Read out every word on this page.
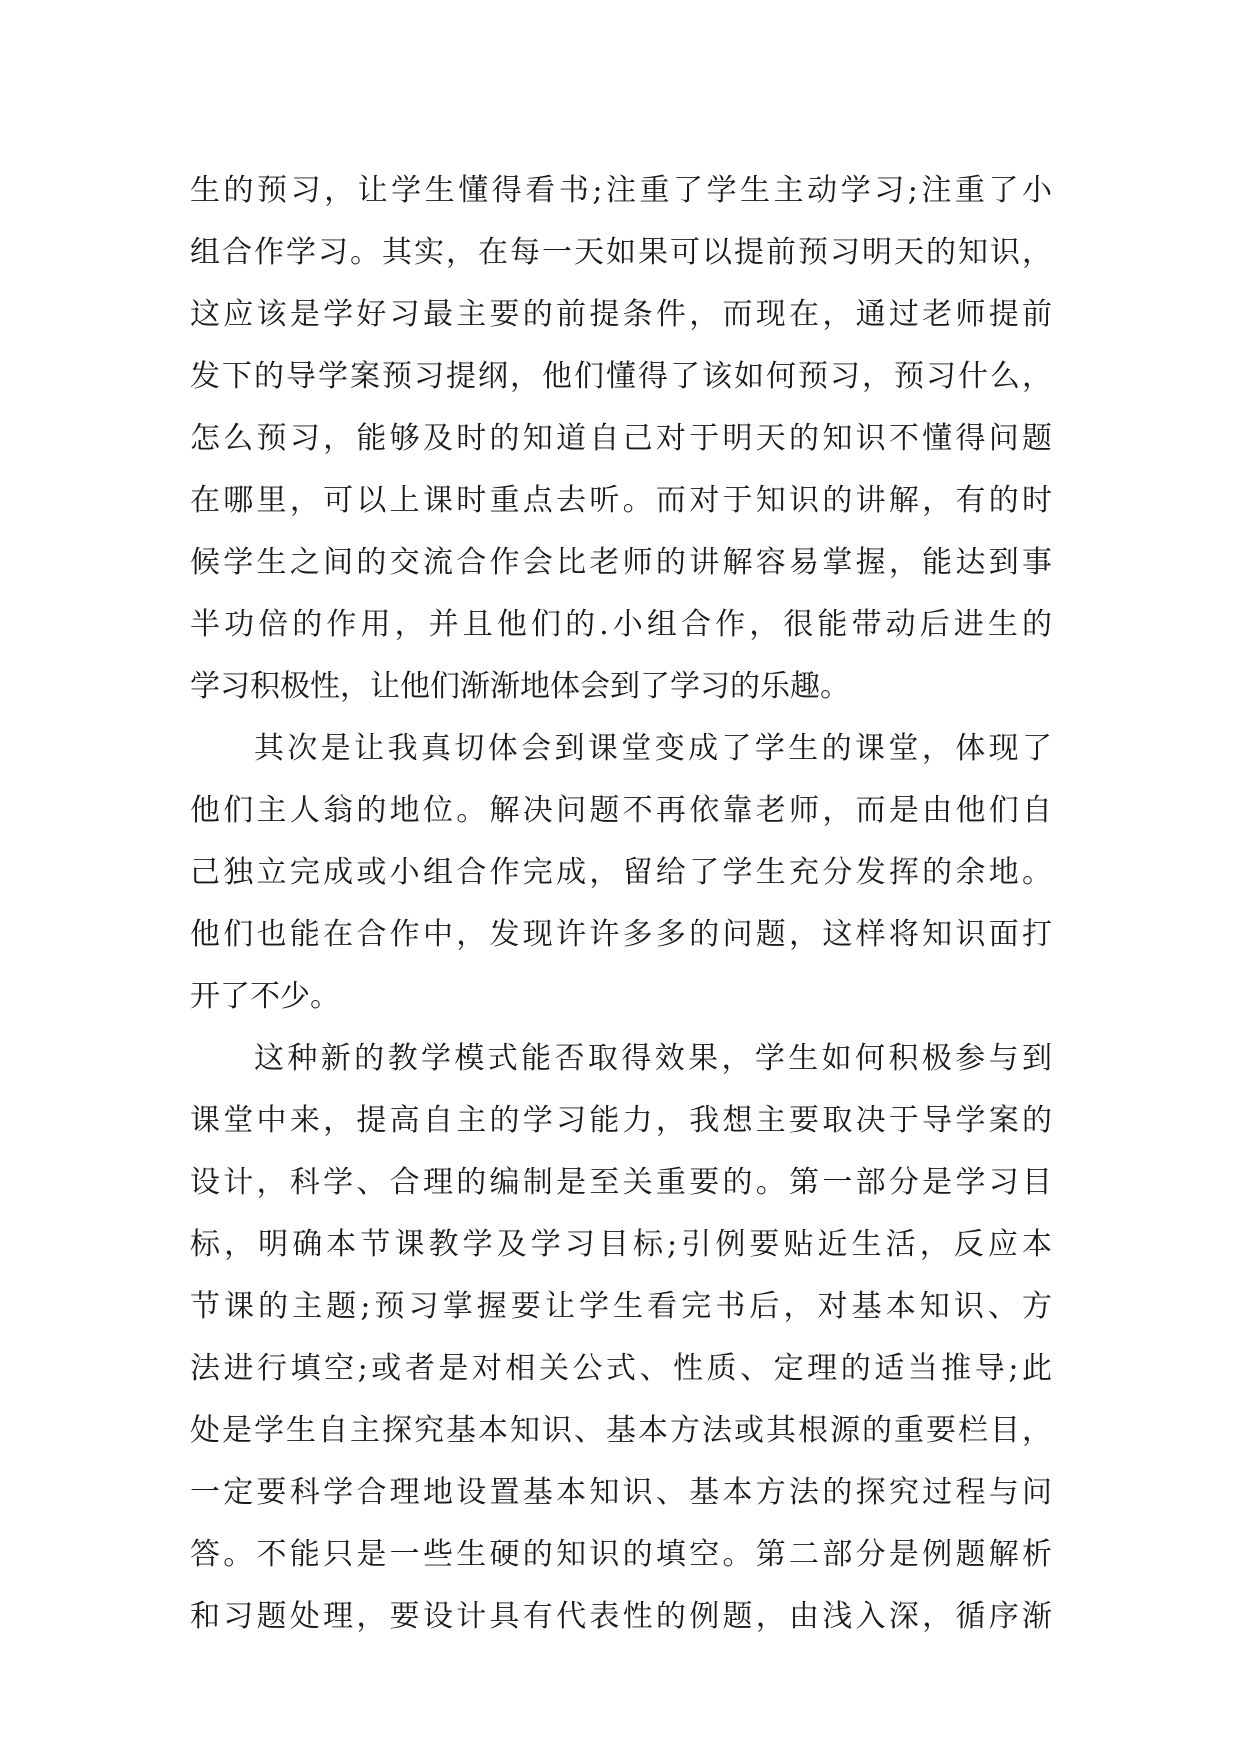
生的预习，让学生懂得看书;注重了学生主动学习;注重了小
组合作学习。其实，在每一天如果可以提前预习明天的知识，
这应该是学好习最主要的前提条件，而现在，通过老师提前
发下的导学案预习提纲，他们懂得了该如何预习，预习什么，
怎么预习，能够及时的知道自己对于明天的知识不懂得问题
在哪里，可以上课时重点去听。而对于知识的讲解，有的时
候学生之间的交流合作会比老师的讲解容易掌握，能达到事
半功倍的作用，并且他们的.小组合作，很能带动后进生的
学习积极性，让他们渐渐地体会到了学习的乐趣。
其次是让我真切体会到课堂变成了学生的课堂，体现了
他们主人翁的地位。解决问题不再依靠老师，而是由他们自
己独立完成或小组合作完成，留给了学生充分发挥的余地。
他们也能在合作中，发现许许多多的问题，这样将知识面打
开了不少。
这种新的教学模式能否取得效果，学生如何积极参与到
课堂中来，提高自主的学习能力，我想主要取决于导学案的
设计，科学、合理的编制是至关重要的。第一部分是学习目
标，明确本节课教学及学习目标;引例要贴近生活，反应本
节课的主题;预习掌握要让学生看完书后，对基本知识、方
法进行填空;或者是对相关公式、性质、定理的适当推导;此
处是学生自主探究基本知识、基本方法或其根源的重要栏目，
一定要科学合理地设置基本知识、基本方法的探究过程与问
答。不能只是一些生硬的知识的填空。第二部分是例题解析
和习题处理，要设计具有代表性的例题，由浅入深，循序渐
